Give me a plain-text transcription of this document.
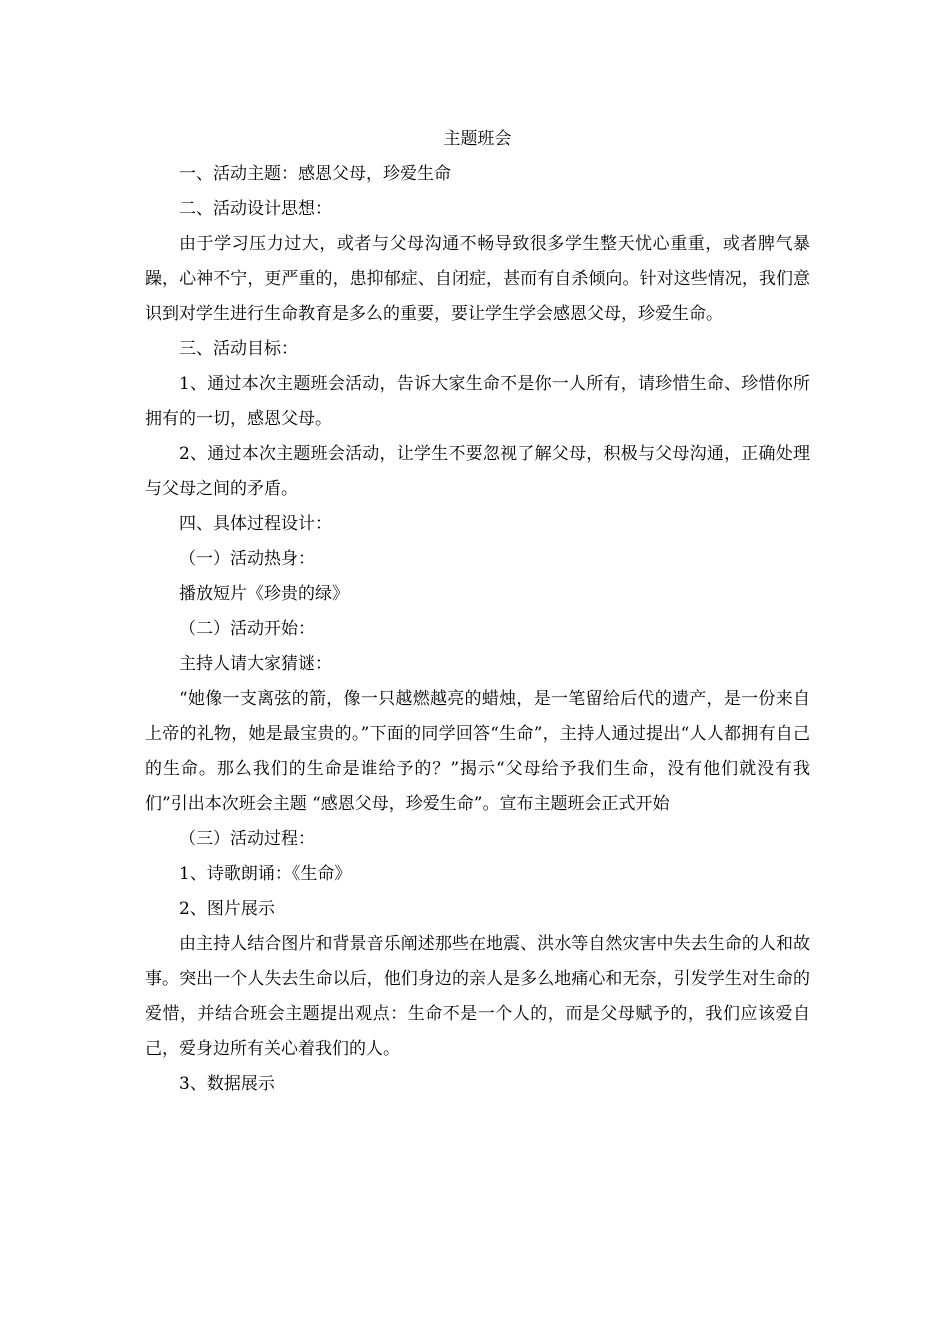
主题班会

一、活动主题：感恩父母，珍爱生命

二、活动设计思想：

由于学习压力过大，或者与父母沟通不畅导致很多学生整天忧心重重，或者脾气暴躁，心神不宁，更严重的，患抑郁症、自闭症，甚而有自杀倾向。针对这些情况，我们意识到对学生进行生命教育是多么的重要，要让学生学会感恩父母，珍爱生命。

三、活动目标：

1、通过本次主题班会活动，告诉大家生命不是你一人所有，请珍惜生命、珍惜你所拥有的一切，感恩父母。

2、通过本次主题班会活动，让学生不要忽视了解父母，积极与父母沟通，正确处理与父母之间的矛盾。

四、具体过程设计：

（一）活动热身：

播放短片《珍贵的绿》

（二）活动开始：

主持人请大家猜谜：

“她像一支离弦的箭，像一只越燃越亮的蜡烛，是一笔留给后代的遗产，是一份来自上帝的礼物，她是最宝贵的。”下面的同学回答“生命”，主持人通过提出“人人都拥有自己的生命。那么我们的生命是谁给予的？”揭示“父母给予我们生命，没有他们就没有我们”引出本次班会主题 “感恩父母，珍爱生命”。宣布主题班会正式开始

（三）活动过程：

1、诗歌朗诵：《生命》

2、图片展示

由主持人结合图片和背景音乐阐述那些在地震、洪水等自然灾害中失去生命的人和故事。突出一个人失去生命以后，他们身边的亲人是多么地痛心和无奈，引发学生对生命的爱惜，并结合班会主题提出观点：生命不是一个人的，而是父母赋予的，我们应该爱自己，爱身边所有关心着我们的人。

3、数据展示
